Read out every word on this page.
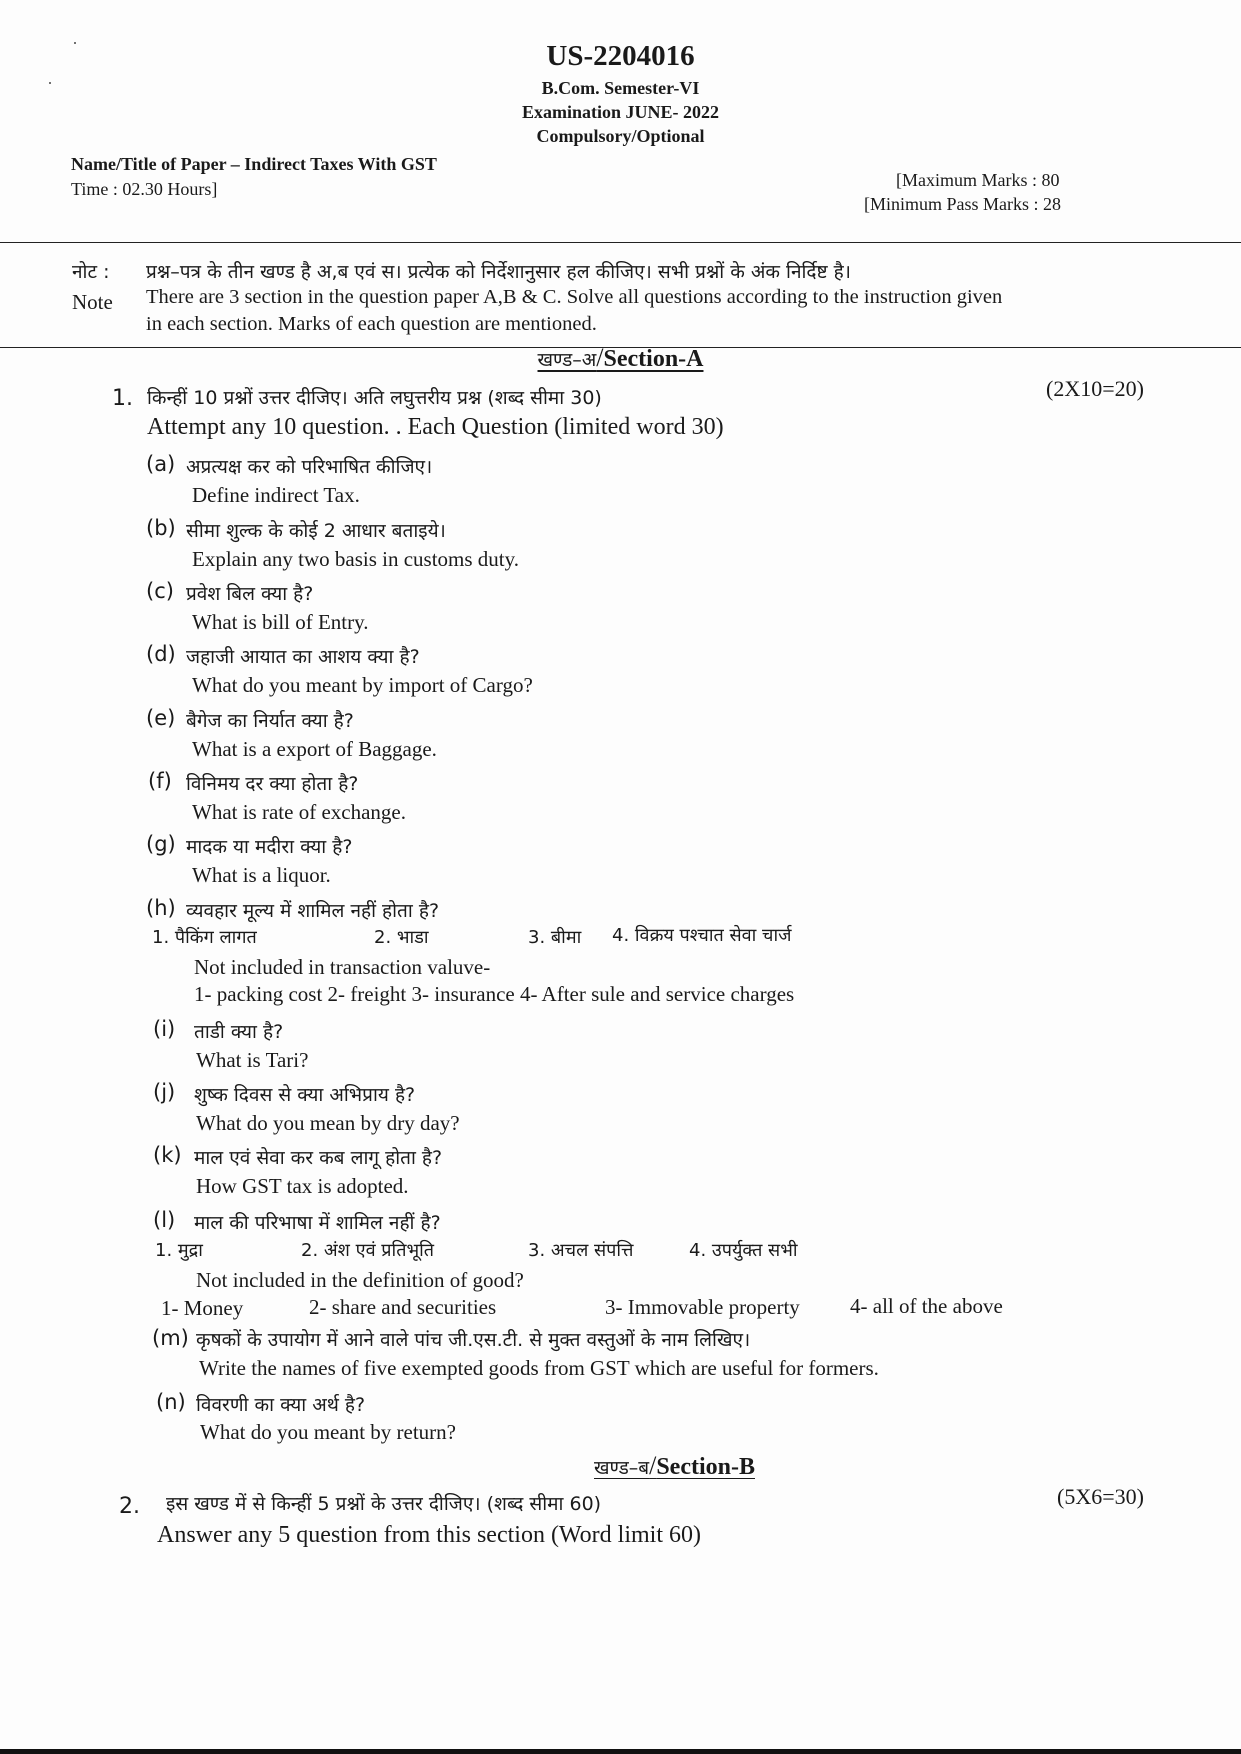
US-2204016
B.Com. Semester-VI
Examination JUNE- 2022
Compulsory/Optional
Name/Title of Paper – Indirect Taxes With GST
Time : 02.30 Hours]	[Maximum Marks : 80
[Minimum Pass Marks : 28
नोट : प्रश्न–पत्र के तीन खण्ड है अ,ब एवं स। प्रत्येक को निर्देशानुसार हल कीजिए। सभी प्रश्नों के अंक निर्दिष्ट है।
Note There are 3 section in the question paper A,B & C. Solve all questions according to the instruction given
in each section. Marks of each question are mentioned.
खण्ड–अ/Section-A
1. किन्हीं 10 प्रश्नों उत्तर दीजिए। अति लघुत्तरीय प्रश्न (शब्द सीमा 30)	(2X10=20)
Attempt any 10 question. . Each Question (limited word 30)
(a) अप्रत्यक्ष कर को परिभाषित कीजिए।
Define indirect Tax.
(b) सीमा शुल्क के कोई 2 आधार बताइये।
Explain any two basis in customs duty.
(c) प्रवेश बिल क्या है?
What is bill of Entry.
(d) जहाजी आयात का आशय क्या है?
What do you meant by import of Cargo?
(e) बैगेज का निर्यात क्या है?
What is a export of Baggage.
(f) विनिमय दर क्या होता है?
What is rate of exchange.
(g) मादक या मदीरा क्या है?
What is a liquor.
(h) व्यवहार मूल्य में शामिल नहीं होता है?
1. पैकिंग लागत	2. भाडा	3. बीमा 4. विक्रय पश्चात सेवा चार्ज
Not included in transaction valuve-
1- packing cost 2- freight 3- insurance 4- After sule and service charges
(i) ताडी क्या है?
What is Tari?
(j) शुष्क दिवस से क्या अभिप्राय है?
What do you mean by dry day?
(k) माल एवं सेवा कर कब लागू होता है?
How GST tax is adopted.
(l) माल की परिभाषा में शामिल नहीं है?
1. मुद्रा	2. अंश एवं प्रतिभूति	3. अचल संपत्ति	4. उपर्युक्त सभी
Not included in the definition of good?
1- Money	2- share and securities	3- Immovable property 4- all of the above
(m) कृषकों के उपायोग में आने वाले पांच जी.एस.टी. से मुक्त वस्तुओं के नाम लिखिए।
Write the names of five exempted goods from GST which are useful for formers.
(n) विवरणी का क्या अर्थ है?
What do you meant by return?
खण्ड–ब/Section-B
2. इस खण्ड में से किन्हीं 5 प्रश्नों के उत्तर दीजिए। (शब्द सीमा 60)	(5X6=30)
Answer any 5 question from this section (Word limit 60)
